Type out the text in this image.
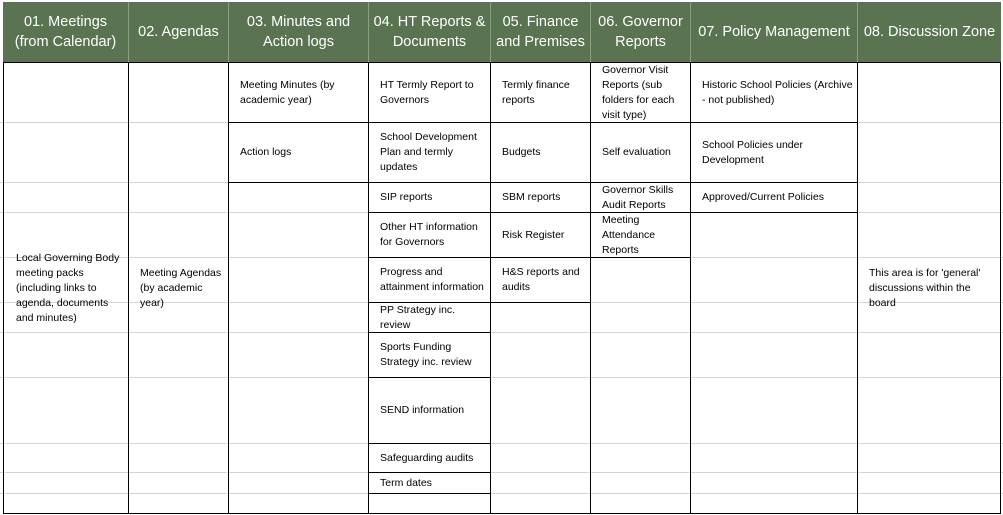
01. Meetings (from Calendar)
02. Agendas
03. Minutes and Action logs
04. HT Reports & Documents
05. Finance and Premises
06. Governor Reports
07. Policy Management 08. Discussion Zone
Local Governing Body meeting packs (including links to agenda, documents and minutes)
Meeting Agendas (by academic year)
Meeting Minutes (by academic year)
Action logs
HT Termly Report to Governors
School Development Plan and termly updates
SIP reports
Other HT information for Governors
Progress and attainment information
PP Strategy inc. review
Sports Funding Strategy inc. review
SEND information
Safeguarding audits
Term dates
Termly finance reports
Budgets
SBM reports
Risk Register
H&S reports and audits
Governor Visit Reports (sub folders for each visit type)
Self evaluation
Governor Skills Audit Reports
Meeting Attendance Reports
Historic School Policies (Archive - not published)
School Policies under Development
Approved/Current Policies
This area is for 'general' discussions within the board
